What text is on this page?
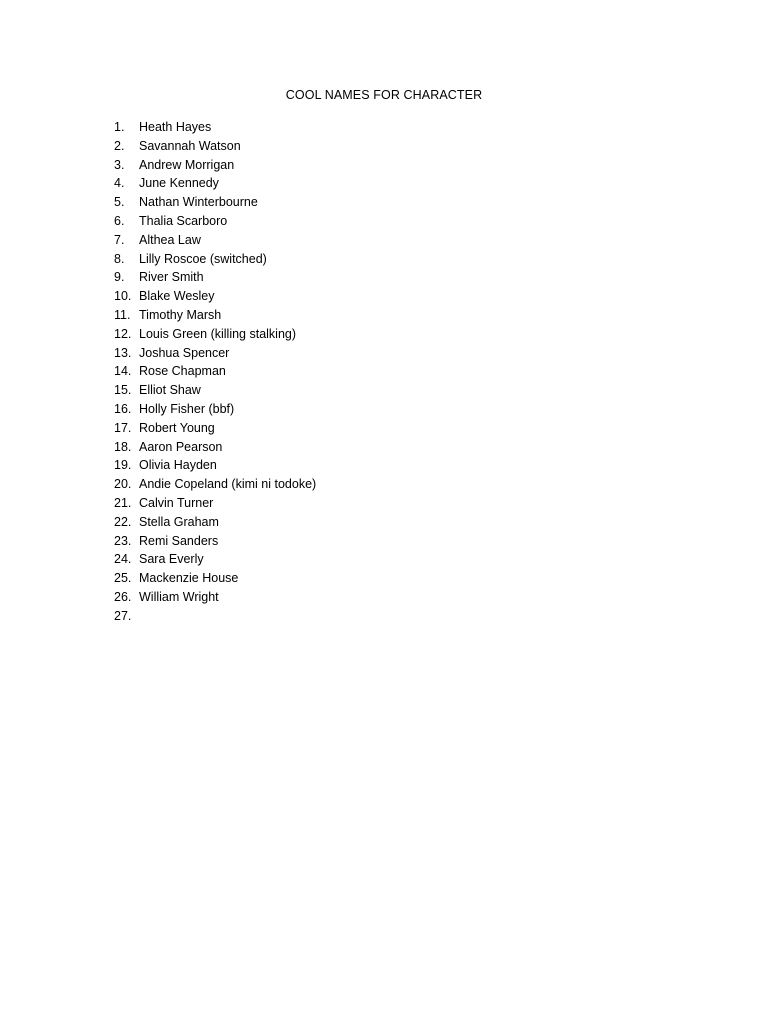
COOL NAMES FOR CHARACTER
1.	Heath Hayes
2.	Savannah Watson
3.	Andrew Morrigan
4.	June Kennedy
5.	Nathan Winterbourne
6.	Thalia Scarboro
7.	Althea Law
8.	Lilly Roscoe (switched)
9.	River Smith
10. Blake Wesley
11. Timothy Marsh
12. Louis Green (killing stalking)
13. Joshua Spencer
14. Rose Chapman
15. Elliot Shaw
16. Holly Fisher (bbf)
17. Robert Young
18. Aaron Pearson
19. Olivia Hayden
20. Andie Copeland (kimi ni todoke)
21. Calvin Turner
22. Stella Graham
23. Remi Sanders
24. Sara Everly
25. Mackenzie House
26. William Wright
27.
